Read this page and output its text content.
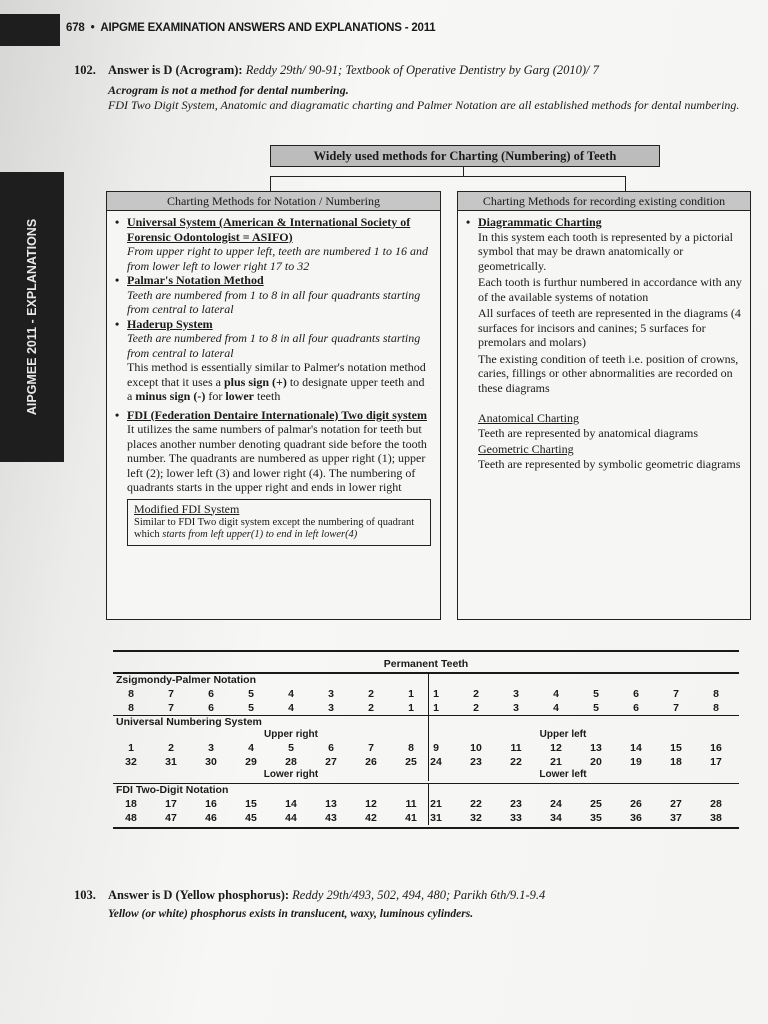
678 • AIPGME EXAMINATION ANSWERS AND EXPLANATIONS - 2011
AIPGMEE 2011 - EXPLANATIONS
102. Answer is D (Acrogram): Reddy 29th/ 90-91; Textbook of Operative Dentistry by Garg (2010)/ 7
Acrogram is not a method for dental numbering.
FDI Two Digit System, Anatomic and diagramatic charting and Palmer Notation are all established methods for dental numbering.
Widely used methods for Charting (Numbering) of Teeth
Charting Methods for Notation / Numbering
• Universal System (American & International Society of Forensic Odontologist = ASIFO)
From upper right to upper left, teeth are numbered 1 to 16 and from lower left to lower right 17 to 32
• Palmar's Notation Method
Teeth are numbered from 1 to 8 in all four quadrants starting from central to lateral
• Haderup System
Teeth are numbered from 1 to 8 in all four quadrants starting from central to lateral
This method is essentially similar to Palmer's notation method except that it uses a plus sign (+) to designate upper teeth and a minus sign (-) for lower teeth
• FDI (Federation Dentaire Internationale) Two digit system
It utilizes the same numbers of palmar's notation for teeth but places another number denoting quadrant side before the tooth number. The quadrants are numbered as upper right (1); upper left (2); lower left (3) and lower right (4). The numbering of quadrants starts in the upper right and ends in lower right
Modified FDI System
Similar to FDI Two digit system except the numbering of quadrant which starts from left upper(1) to end in left lower(4)
Charting Methods for recording existing condition
• Diagrammatic Charting
In this system each tooth is represented by a pictorial symbol that may be drawn anatomically or geometrically.
Each tooth is furthur numbered in accordance with any of the available systems of notation
All surfaces of teeth are represented in the diagrams (4 surfaces for incisors and canines; 5 surfaces for premolars and molars)
The existing condition of teeth i.e. position of crowns, caries, fillings or other abnormalities are recorded on these diagrams
Anatomical Charting
Teeth are represented by anatomical diagrams
Geometric Charting
Teeth are represented by symbolic geometric diagrams
Permanent Teeth
Zsigmondy-Palmer Notation
8	7	6	5	4	3	2	1	1	2	3	4	5	6	7	8
8	7	6	5	4	3	2	1	1	2	3	4	5	6	7	8
Universal Numbering System
Upper right	Upper left
1	2	3	4	5	6	7	8	9	10	11	12	13	14	15	16
32	31	30	29	28	27	26	25	24	23	22	21	20	19	18	17
Lower right	Lower left
FDI Two-Digit Notation
18	17	16	15	14	13	12	11	21	22	23	24	25	26	27	28
48	47	46	45	44	43	42	41	31	32	33	34	35	36	37	38
103. Answer is D (Yellow phosphorus): Reddy 29th/493, 502, 494, 480; Parikh 6th/9.1-9.4
Yellow (or white) phosphorus exists in translucent, waxy, luminous cylinders.
